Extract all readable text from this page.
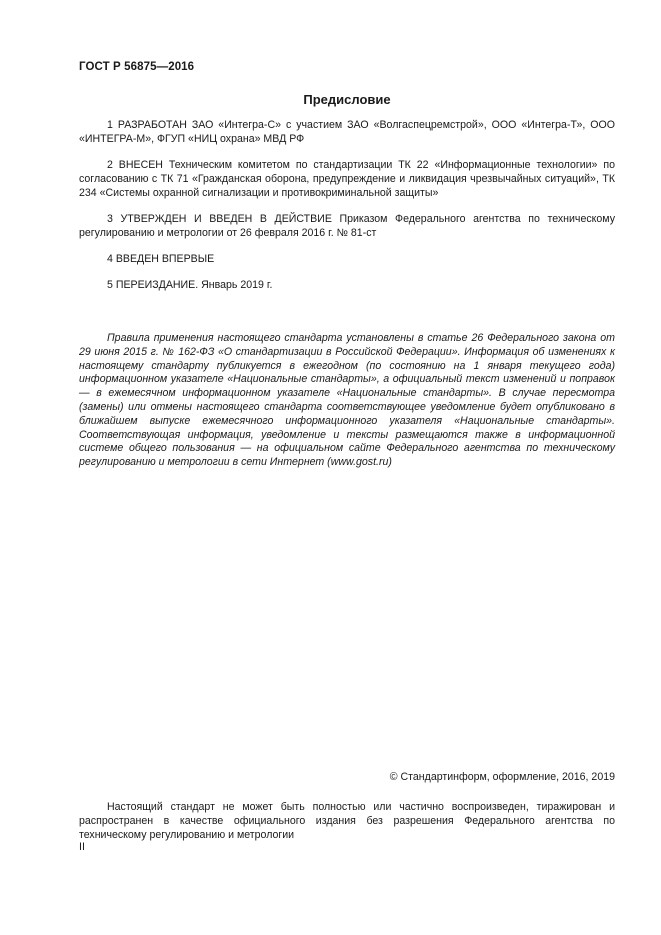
ГОСТ Р 56875—2016
Предисловие

1 РАЗРАБОТАН ЗАО «Интегра-С» с участием ЗАО «Волгаспецремстрой», ООО «Интегра-Т», ООО «ИНТЕГРА-М», ФГУП «НИЦ охрана» МВД РФ

2 ВНЕСЕН Техническим комитетом по стандартизации ТК 22 «Информационные технологии» по согласованию с ТК 71 «Гражданская оборона, предупреждение и ликвидация чрезвычайных ситуаций», ТК 234 «Системы охранной сигнализации и противокриминальной защиты»

3 УТВЕРЖДЕН И ВВЕДЕН В ДЕЙСТВИЕ Приказом Федерального агентства по техническому регулированию и метрологии от 26 февраля 2016 г. № 81-ст

4 ВВЕДЕН ВПЕРВЫЕ

5 ПЕРЕИЗДАНИЕ. Январь 2019 г.

Правила применения настоящего стандарта установлены в статье 26 Федерального закона от 29 июня 2015 г. № 162-ФЗ «О стандартизации в Российской Федерации». Информация об изменениях к настоящему стандарту публикуется в ежегодном (по состоянию на 1 января текущего года) информационном указателе «Национальные стандарты», а официальный текст изменений и поправок — в ежемесячном информационном указателе «Национальные стандарты». В случае пересмотра (замены) или отмены настоящего стандарта соответствующее уведомление будет опубликовано в ближайшем выпуске ежемесячного информационного указателя «Национальные стандарты». Соответствующая информация, уведомление и тексты размещаются также в информационной системе общего пользования — на официальном сайте Федерального агентства по техническому регулированию и метрологии в сети Интернет (www.gost.ru)

© Стандартинформ, оформление, 2016, 2019

Настоящий стандарт не может быть полностью или частично воспроизведен, тиражирован и распространен в качестве официального издания без разрешения Федерального агентства по техническому регулированию и метрологии

II
